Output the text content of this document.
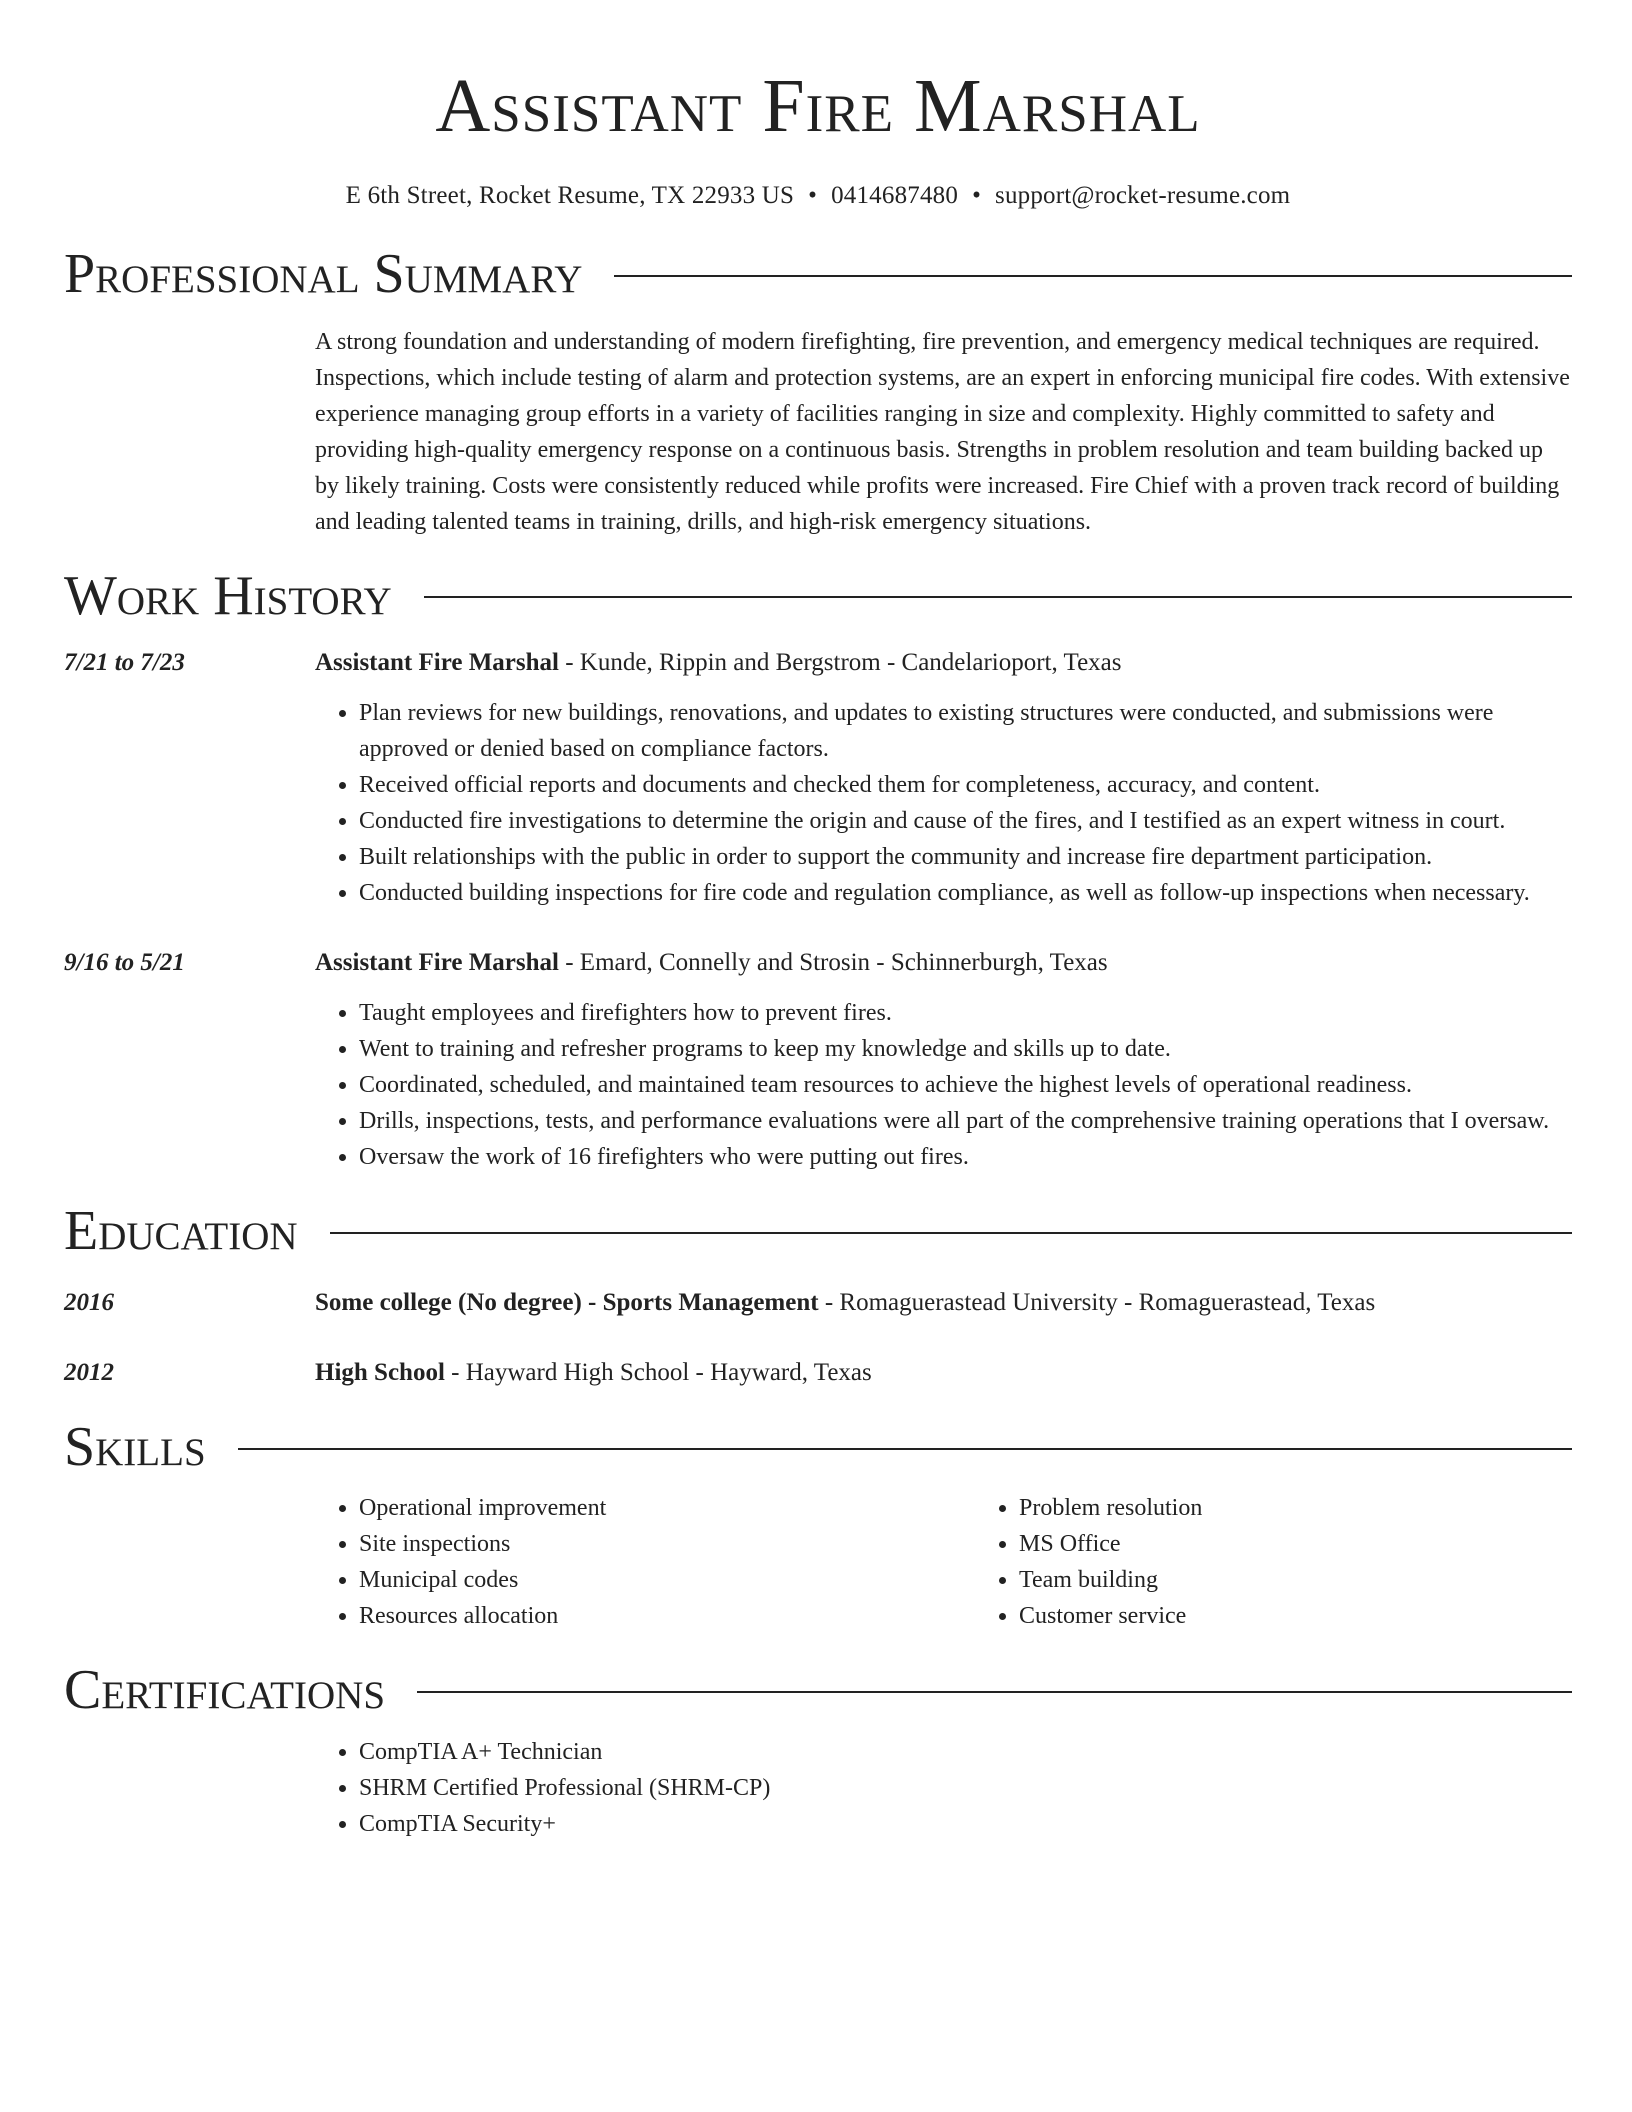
Assistant Fire Marshal
E 6th Street, Rocket Resume, TX 22933 US • 0414687480 • support@rocket-resume.com
Professional Summary
A strong foundation and understanding of modern firefighting, fire prevention, and emergency medical techniques are required. Inspections, which include testing of alarm and protection systems, are an expert in enforcing municipal fire codes. With extensive experience managing group efforts in a variety of facilities ranging in size and complexity. Highly committed to safety and providing high-quality emergency response on a continuous basis. Strengths in problem resolution and team building backed up by likely training. Costs were consistently reduced while profits were increased. Fire Chief with a proven track record of building and leading talented teams in training, drills, and high-risk emergency situations.
Work History
7/21 to 7/23	Assistant Fire Marshal - Kunde, Rippin and Bergstrom - Candelarioport, Texas
• Plan reviews for new buildings, renovations, and updates to existing structures were conducted, and submissions were approved or denied based on compliance factors.
• Received official reports and documents and checked them for completeness, accuracy, and content.
• Conducted fire investigations to determine the origin and cause of the fires, and I testified as an expert witness in court.
• Built relationships with the public in order to support the community and increase fire department participation.
• Conducted building inspections for fire code and regulation compliance, as well as follow-up inspections when necessary.
9/16 to 5/21	Assistant Fire Marshal - Emard, Connelly and Strosin - Schinnerburgh, Texas
• Taught employees and firefighters how to prevent fires.
• Went to training and refresher programs to keep my knowledge and skills up to date.
• Coordinated, scheduled, and maintained team resources to achieve the highest levels of operational readiness.
• Drills, inspections, tests, and performance evaluations were all part of the comprehensive training operations that I oversaw.
• Oversaw the work of 16 firefighters who were putting out fires.
Education
2016	Some college (No degree) - Sports Management - Romaguerastead University - Romaguerastead, Texas
2012	High School - Hayward High School - Hayward, Texas
Skills
• Operational improvement
• Site inspections
• Municipal codes
• Resources allocation
• Problem resolution
• MS Office
• Team building
• Customer service
Certifications
• CompTIA A+ Technician
• SHRM Certified Professional (SHRM-CP)
• CompTIA Security+
